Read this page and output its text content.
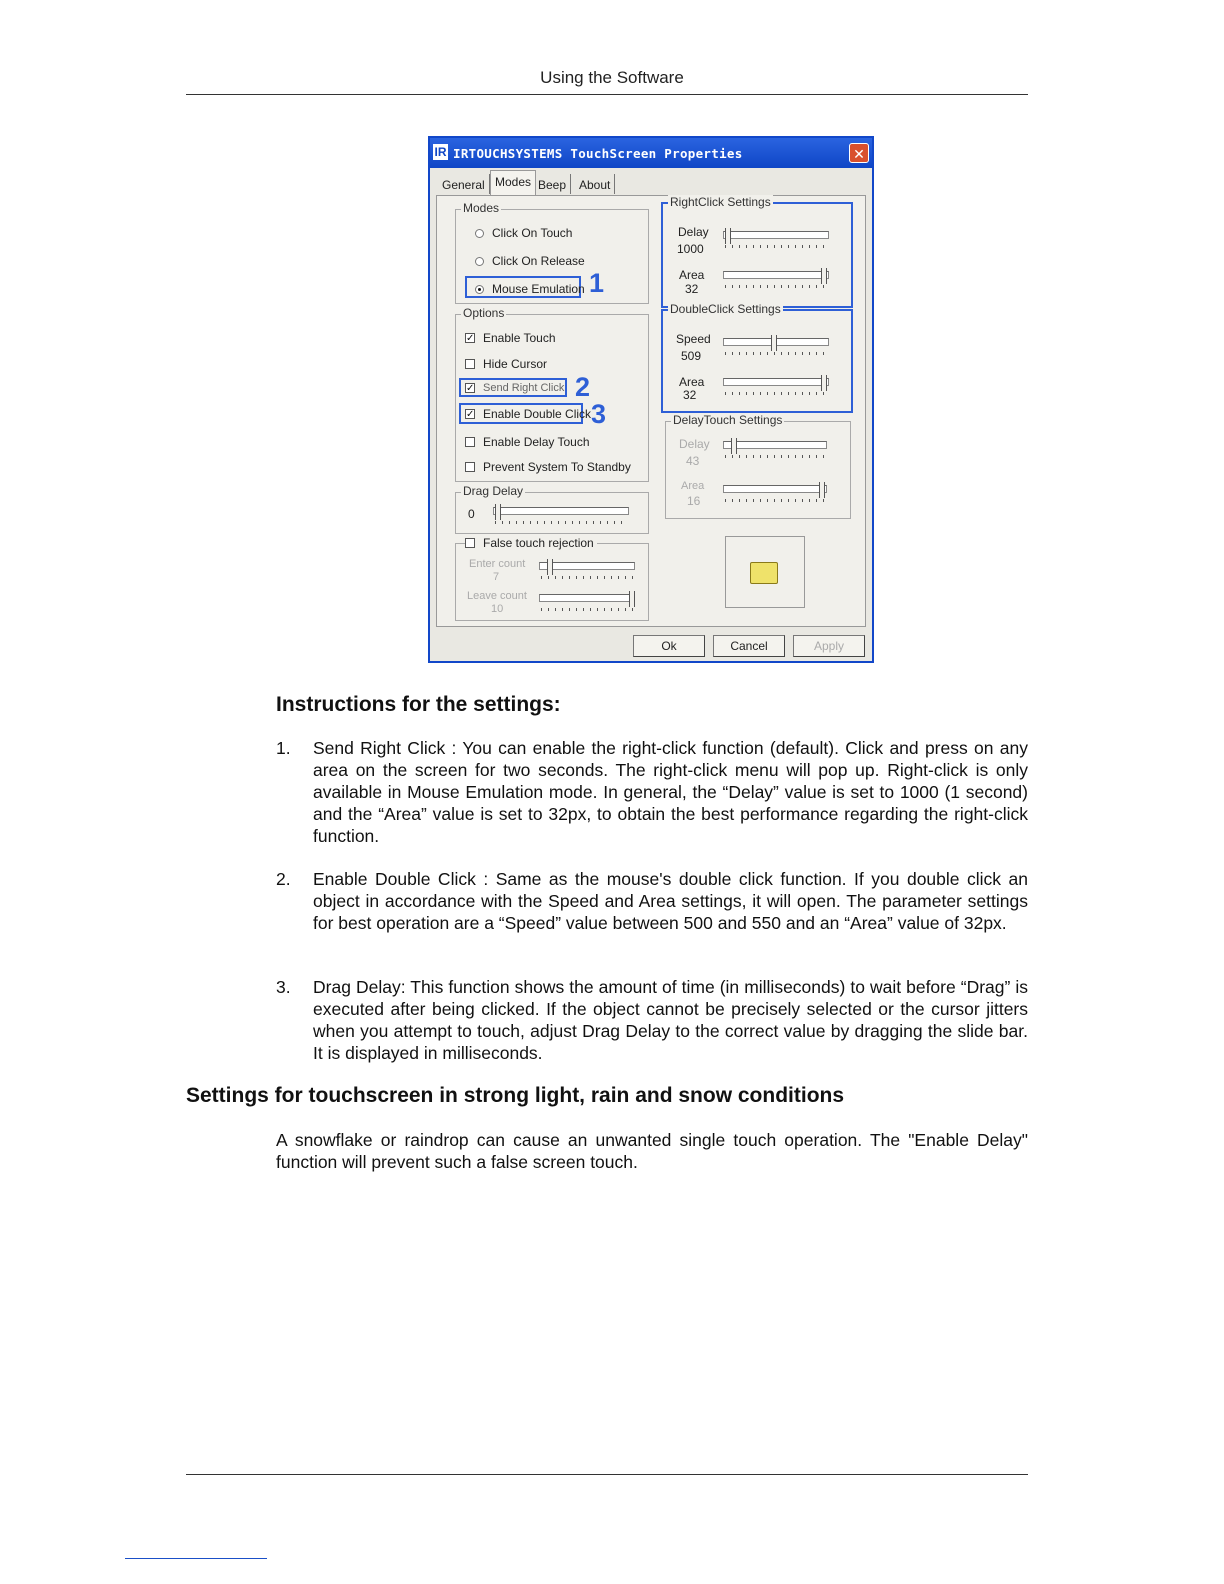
Using the Software
IR IRTOUCHSYSTEMS TouchScreen Properties	✕
General Modes Beep	About
Modes
Click On Touch
Click On Release
Mouse Emulation 1
Options
✓ Enable Touch
Hide Cursor
✓ Send Right Click 2
✓ Enable Double Click 3
Enable Delay Touch
Prevent System To Standby
Drag Delay
0
False touch rejection
Enter count
7
Leave count
10
RightClick Settings
Delay
1000
Area
32
DoubleClick Settings
Speed
509
Area
32
DelayTouch Settings
Delay
43
Area
16
Ok	Cancel	Apply
Instructions for the settings:
1. Send Right Click : You can enable the right-click function (default). Click and press on any area on the screen for two seconds. The right-click menu will pop up. Right-click is only available in Mouse Emulation mode. In general, the “Delay” value is set to 1000 (1 second) and the “Area” value is set to 32px, to obtain the best performance regarding the right-click function.
2. Enable Double Click : Same as the mouse's double click function. If you double click an object in accordance with the Speed and Area settings, it will open. The parameter settings for best operation are a “Speed” value between 500 and 550 and an “Area” value of 32px.
3. Drag Delay: This function shows the amount of time (in milliseconds) to wait before “Drag” is executed after being clicked. If the object cannot be precisely selected or the cursor jitters when you attempt to touch, adjust Drag Delay to the correct value by dragging the slide bar. It is displayed in milliseconds.
Settings for touchscreen in strong light, rain and snow conditions
A snowflake or raindrop can cause an unwanted single touch operation. The "Enable Delay" function will prevent such a false screen touch.
